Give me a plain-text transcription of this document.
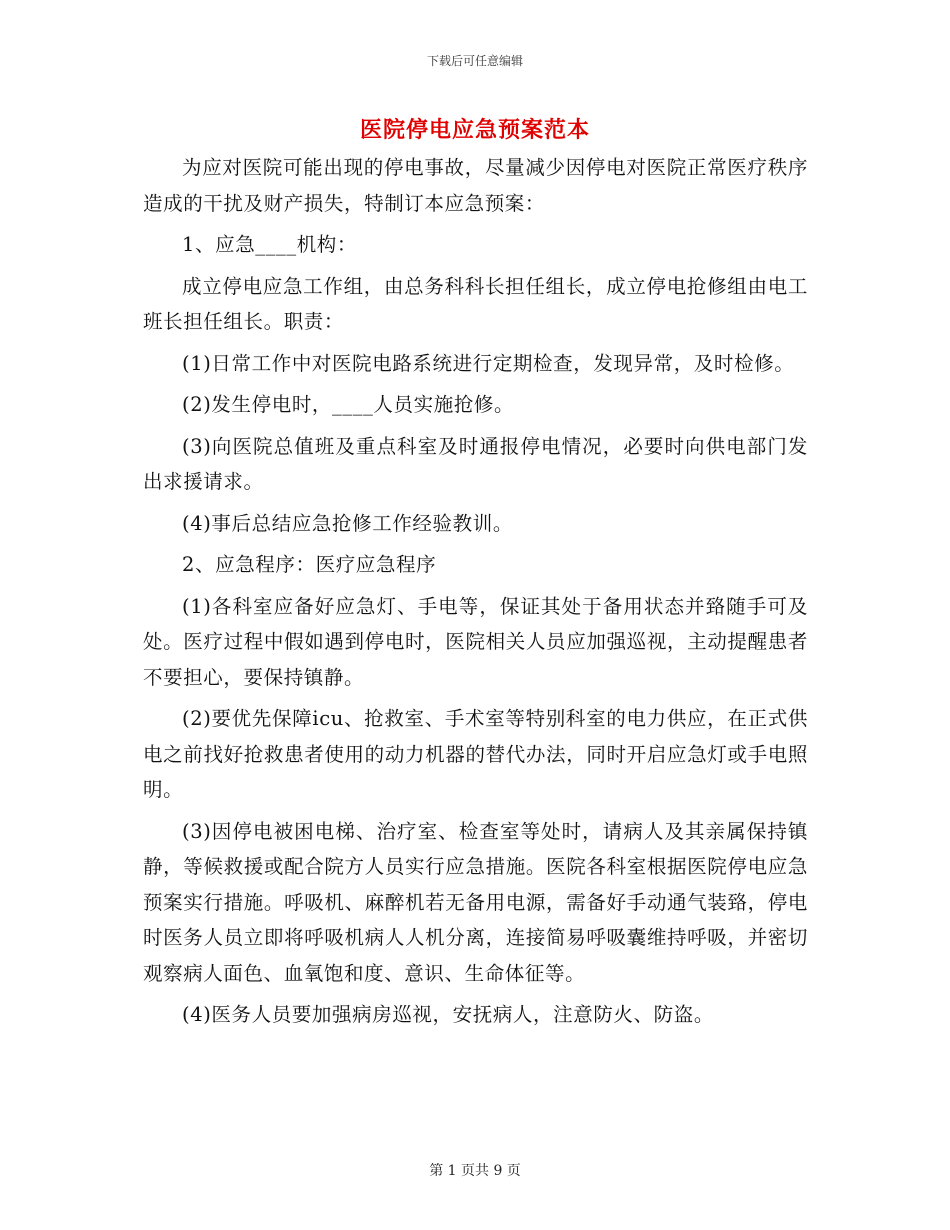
下载后可任意编辑
医院停电应急预案范本

为应对医院可能出现的停电事故，尽量减少因停电对医院正常医疗秩序造成的干扰及财产损失，特制订本应急预案：

1、应急____机构：

成立停电应急工作组，由总务科科长担任组长，成立停电抢修组由电工班长担任组长。职责：

(1)日常工作中对医院电路系统进行定期检查，发现异常，及时检修。

(2)发生停电时，____人员实施抢修。

(3)向医院总值班及重点科室及时通报停电情况，必要时向供电部门发出求援请求。

(4)事后总结应急抢修工作经验教训。

2、应急程序：医疗应急程序

(1)各科室应备好应急灯、手电等，保证其处于备用状态并臵随手可及处。医疗过程中假如遇到停电时，医院相关人员应加强巡视，主动提醒患者不要担心，要保持镇静。

(2)要优先保障icu、抢救室、手术室等特别科室的电力供应，在正式供电之前找好抢救患者使用的动力机器的替代办法，同时开启应急灯或手电照明。

(3)因停电被困电梯、治疗室、检查室等处时，请病人及其亲属保持镇静，等候救援或配合院方人员实行应急措施。医院各科室根据医院停电应急预案实行措施。呼吸机、麻醉机若无备用电源，需备好手动通气装臵，停电时医务人员立即将呼吸机病人人机分离，连接简易呼吸囊维持呼吸，并密切观察病人面色、血氧饱和度、意识、生命体征等。

(4)医务人员要加强病房巡视，安抚病人，注意防火、防盗。

第 1 页共 9 页
